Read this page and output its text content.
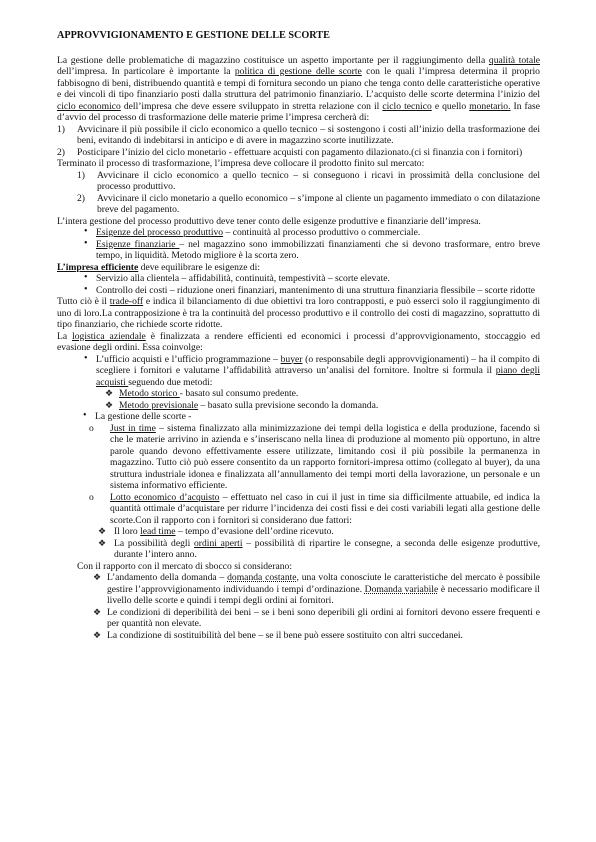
APPROVVIGIONAMENTO E GESTIONE DELLE SCORTE

La gestione delle problematiche di magazzino costituisce un aspetto importante per il raggiungimento della qualità totale dell’impresa. In particolare è importante la politica di gestione delle scorte con le quali l’impresa determina il proprio fabbisogno di beni, distribuendo quantità e tempi di fornitura secondo un piano che tenga conto delle caratteristiche operative e dei vincoli di tipo finanziario posti dalla struttura del patrimonio finanziario. L’acquisto delle scorte determina l’inizio del ciclo economico dell’impresa che deve essere sviluppato in stretta relazione con il ciclo tecnico e quello monetario. In fase d’avvio del processo di trasformazione delle materie prime l’impresa cercherà di:

1) Avvicinare il più possibile il ciclo economico a quello tecnico – si sostengono i costi all’inizio della trasformazione dei beni, evitando di indebitarsi in anticipo e di avere in magazzino scorte inutilizzate.
2) Posticipare l’inizio del ciclo monetario - effettuare acquisti con pagamento dilazionato.(ci si finanzia con i fornitori)

Terminato il processo di trasformazione, l’impresa deve collocare il prodotto finito sul mercato:

1) Avvicinare il ciclo economico a quello tecnico – si conseguono i ricavi in prossimità della conclusione del processo produttivo.
2) Avvicinare il ciclo monetario a quello economico – s’impone al cliente un pagamento immediato o con dilatazione breve del pagamento.

L’intera gestione del processo produttivo deve tener conto delle esigenze produttive e finanziarie dell’impresa.

• Esigenze del processo produttivo – continuità al processo produttivo o commerciale.
• Esigenze finanziarie – nel magazzino sono immobilizzati finanziamenti che si devono trasformare, entro breve tempo, in liquidità. Metodo migliore è la scorta zero.

L’impresa efficiente deve equilibrare le esigenze di:

• Servizio alla clientela – affidabilità, continuità, tempestività – scorte elevate.
• Controllo dei costi – riduzione oneri finanziari, mantenimento di una struttura finanziaria flessibile – scorte ridotte

Tutto ciò è il trade-off e indica il bilanciamento di due obiettivi tra loro contrapposti, e può esserci solo il raggiungimento di uno di loro.La contrapposizione è tra la continuità del processo produttivo e il controllo dei costi di magazzino, soprattutto di tipo finanziario, che richiede scorte ridotte.

La logistica aziendale è finalizzata a rendere efficienti ed economici i processi d’approvvigionamento, stoccaggio ed evasione degli ordini. Essa coinvolge:

• L’ufficio acquisti e l’ufficio programmazione – buyer (o responsabile degli approvvigionamenti) – ha il compito di scegliere i fornitori e valutarne l’affidabilità attraverso un’analisi del fornitore. Inoltre si formula il piano degli acquisti seguendo due metodi:
❖ Metodo storico - basato sul consumo predente.
❖ Metodo previsionale – basato sulla previsione secondo la domanda.
• La gestione delle scorte -
o Just in time – sistema finalizzato alla minimizzazione dei tempi della logistica e della produzione, facendo sì che le materie arrivino in azienda e s’inseriscano nella linea di produzione al momento più opportuno, in altre parole quando devono effettivamente essere utilizzate, limitando così il più possibile la permanenza in magazzino. Tutto ciò può essere consentito da un rapporto fornitori-impresa ottimo (collegato al buyer), da una struttura industriale idonea e finalizzata all’annullamento dei tempi morti della lavorazione, un personale e un sistema informativo efficiente.
o Lotto economico d’acquisto – effettuato nel caso in cui il just in time sia difficilmente attuabile, ed indica la quantità ottimale d’acquistare per ridurre l’incidenza dei costi fissi e dei costi variabili legati alla gestione delle scorte.Con il rapporto con i fornitori si considerano due fattori:
❖ Il loro lead time – tempo d’evasione dell’ordine ricevuto.
❖ La possibilità degli ordini aperti – possibilità di ripartire le consegne, a seconda delle esigenze produttive, durante l’intero anno.

Con il rapporto con il mercato di sbocco si considerano:

❖ L’andamento della domanda – domanda costante, una volta conosciute le caratteristiche del mercato è possibile gestire l’approvvigionamento individuando i tempi d’ordinazione. Domanda variabile è necessario modificare il livello delle scorte e quindi i tempi degli ordini ai fornitori.
❖ Le condizioni di deperibilità dei beni – se i beni sono deperibili gli ordini ai fornitori devono essere frequenti e per quantità non elevate.
❖ La condizione di sostituibilità del bene – se il bene può essere sostituito con altri succedanei.
